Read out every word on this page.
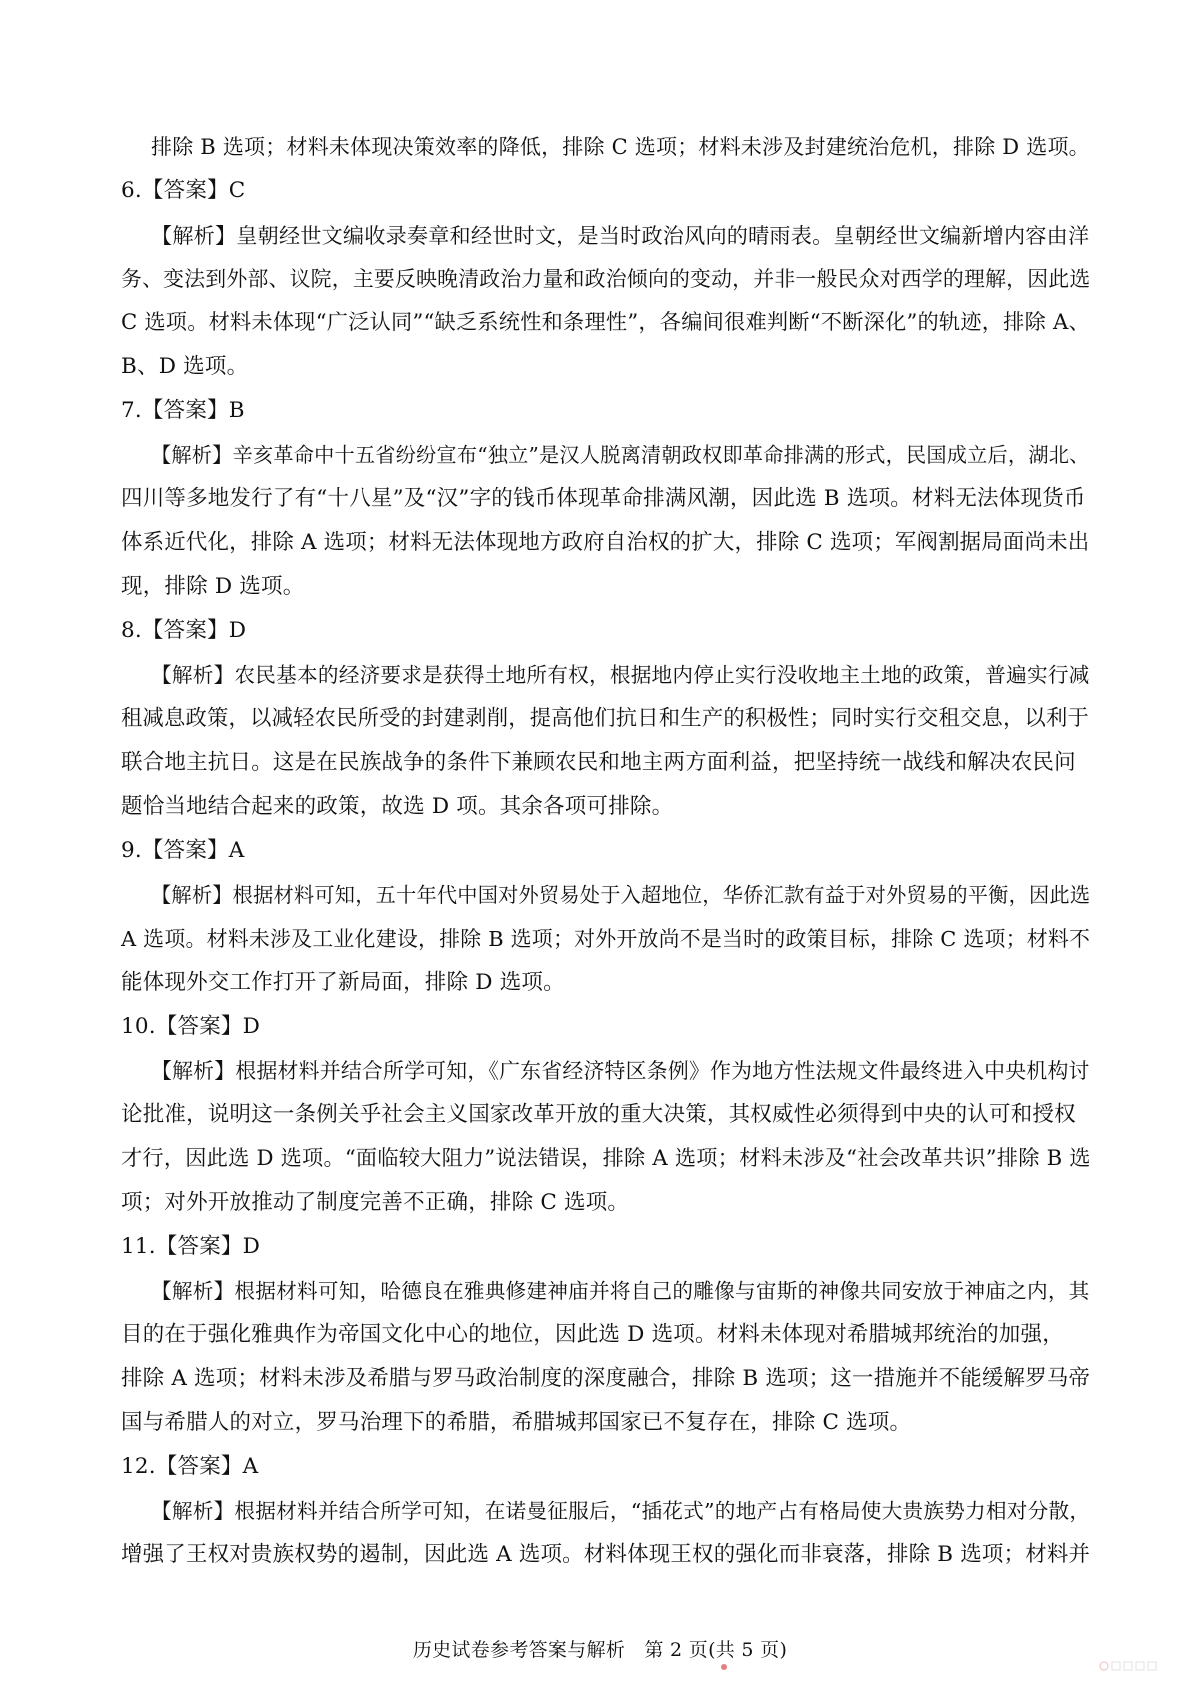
排除 B 选项；材料未体现决策效率的降低，排除 C 选项；材料未涉及封建统治危机，排除 D 选项。
6.【答案】C
【解析】皇朝经世文编收录奏章和经世时文，是当时政治风向的晴雨表。皇朝经世文编新增内容由洋
务、变法到外部、议院，主要反映晚清政治力量和政治倾向的变动，并非一般民众对西学的理解，因此选
C 选项。材料未体现“广泛认同”“缺乏系统性和条理性”，各编间很难判断“不断深化”的轨迹，排除 A、
B、D 选项。
7.【答案】B
【解析】辛亥革命中十五省纷纷宣布“独立”是汉人脱离清朝政权即革命排满的形式，民国成立后，湖北、
四川等多地发行了有“十八星”及“汉”字的钱币体现革命排满风潮，因此选 B 选项。材料无法体现货币
体系近代化，排除 A 选项；材料无法体现地方政府自治权的扩大，排除 C 选项；军阀割据局面尚未出
现，排除 D 选项。
8.【答案】D
【解析】农民基本的经济要求是获得土地所有权，根据地内停止实行没收地主土地的政策，普遍实行减
租减息政策，以减轻农民所受的封建剥削，提高他们抗日和生产的积极性；同时实行交租交息，以利于
联合地主抗日。这是在民族战争的条件下兼顾农民和地主两方面利益，把坚持统一战线和解决农民问
题恰当地结合起来的政策，故选 D 项。其余各项可排除。
9.【答案】A
【解析】根据材料可知，五十年代中国对外贸易处于入超地位，华侨汇款有益于对外贸易的平衡，因此选
A 选项。材料未涉及工业化建设，排除 B 选项；对外开放尚不是当时的政策目标，排除 C 选项；材料不
能体现外交工作打开了新局面，排除 D 选项。
10.【答案】D
【解析】根据材料并结合所学可知，《广东省经济特区条例》作为地方性法规文件最终进入中央机构讨
论批准，说明这一条例关乎社会主义国家改革开放的重大决策，其权威性必须得到中央的认可和授权
才行，因此选 D 选项。“面临较大阻力”说法错误，排除 A 选项；材料未涉及“社会改革共识”排除 B 选
项；对外开放推动了制度完善不正确，排除 C 选项。
11.【答案】D
【解析】根据材料可知，哈德良在雅典修建神庙并将自己的雕像与宙斯的神像共同安放于神庙之内，其
目的在于强化雅典作为帝国文化中心的地位，因此选 D 选项。材料未体现对希腊城邦统治的加强，
排除 A 选项；材料未涉及希腊与罗马政治制度的深度融合，排除 B 选项；这一措施并不能缓解罗马帝
国与希腊人的对立，罗马治理下的希腊，希腊城邦国家已不复存在，排除 C 选项。
12.【答案】A
【解析】根据材料并结合所学可知，在诺曼征服后，“插花式”的地产占有格局使大贵族势力相对分散，
增强了王权对贵族权势的遏制，因此选 A 选项。材料体现王权的强化而非衰落，排除 B 选项；材料并
历史试卷参考答案与解析　第 2 页(共 5 页)
